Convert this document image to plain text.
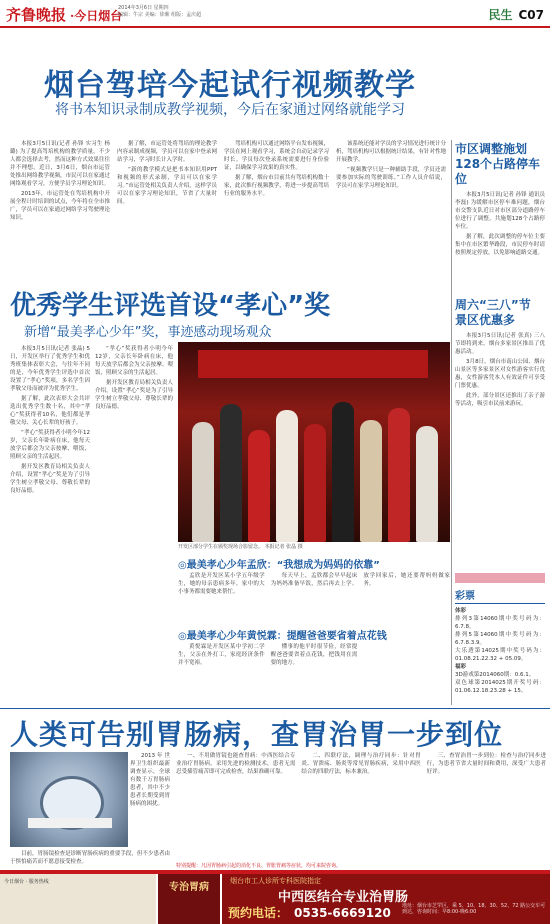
齐鲁晚报 ·今日烟台
2014年3月6日 星期四
编辑：牛宗 美编：徐紫 组版：孟庆超	民生 C07
烟台驾培今起试行视频教学
将书本知识录制成教学视频，今后在家通过网络就能学习

本报3月5日讯(记者 孙锋 实习生 杨璐) 为了提高驾培机构的教学质量，不少人都会选择去考，然而这种方式效果往往并不理想。近日，3月6日，烟台市运管处推出网络教学视频，市民可以在家通过网络观看学习，方便学员学习理论知识。

2013年，市运管处在驾培机构中开展全程计时培训的试点，今年将在全市推广，学员可以在家通过网络学习驾驶理论知识。

据了解，市运管处将驾培的理论教学内容录制成视频，学员可以在家中登录网站学习，学习时长计入学时。

“新的教学模式是把书本知识用PPT和视频的形式录制，学员可以在家学习。”市运管处相关负责人介绍，这样学员可以在家学习理论知识，节省了大量时间。

驾培机构可以通过网络平台发布视频，学员在网上观看学习，系统会自动记录学习时长。学员每次登录系统需要进行身份验证，以确保学习效果的真实性。

据了解，烟台市目前共有驾培机构数十家，此次推行视频教学，将进一步提高驾培行业的服务水平。

该系统还能对学员的学习情况进行统计分析，驾培机构可以根据统计结果，有针对性地开展教学。

“视频教学只是一种辅助手段，学员还需要参加实际的驾驶训练。”工作人员介绍说，学员可在家学习理论知识。

市区调整施划
128个占路停车位

本报3月5日讯(记者 孙锋 通讯员 李磊) 为缓解市区停车难问题，烟台市交警支队近日对市区部分道路停车位进行了调整，共施划128个占路停车位。

据了解，此次调整的停车位主要集中在市区繁华路段，市民停车时请按照规定停放，以免影响道路交通。

周六“三八”节
景区优惠多

本报3月5日讯(记者 张真) 三八节即将到来，烟台多家景区推出了优惠活动。

3月8日，烟台市南山公园、烟台山景区等多家景区对女性游客实行优惠，女性游客凭本人有效证件可享受门票优惠。

此外，部分景区还推出了亲子游等活动，吸引市民前来游玩。

彩票
体彩
排列3第14060期中奖号码为：6.7.8。
排列5第14060期中奖号码为：6.7.8.3.9。
大乐透第14025期中奖号码为：01.08.21.22.32 + 05.09。
福彩
3D游戏第2014060期：0.6.1。
双色球第2014025期开奖号码：01.06.12.18.23.28 + 15。
优秀学生评选首设“孝心”奖
新增“最美孝心少年”奖，事迹感动现场观众

本报3月5日讯(记者 张晶) 5日，开发区举行了优秀学生和优秀班集体表彰大会，与往年不同的是，今年优秀学生评选中首次设置了“孝心”奖项，多名学生因孝敬父母而被评为优秀学生。

据了解，此次表彰大会共评选出优秀学生数十名，其中“孝心”奖获得者10名，他们都是孝敬父母、关心长辈的好孩子。

“孝心”奖获得者小明今年12岁，父亲长年卧病在床，他每天放学后都会为父亲按摩、喂饭，照顾父亲的生活起居。

据开发区教育局相关负责人介绍，设置“孝心”奖是为了引导学生树立孝敬父母、尊敬长辈的良好品德。

“孝心”奖获得者小明今年12岁，父亲长年卧病在床，他每天放学后都会为父亲按摩、喂饭，照顾父亲的生活起居。

据开发区教育局相关负责人介绍，设置“孝心”奖是为了引导学生树立孝敬父母、尊敬长辈的良好品德。

开发区部分学生在颁奖现场合影留念。 本报记者 张晶 摄
◎最美孝心少年孟欣：“我想成为妈妈的依靠”

孟欣是开发区某小学五年级学生，她的母亲患病多年，家中的大小事务都需要她来帮忙。

每天早上，孟欣都会早早起床为妈妈准备早饭，然后再去上学。放学回家后，她还要帮妈妈做家务。

◎最美孝心少年黄悦霖：提醒爸爸要省着点花钱

黄悦霖是开发区某中学初二学生，父亲在外打工，家庭经济条件并不宽裕。

懂事的他平时很节俭，经常提醒爸爸要省着点花钱，把钱用在需要的地方。

人类可告别胃肠病，查胃治胃一步到位

2013年世界卫生组织最新调查显示，全球有数千万胃肠病患者，其中不少患者长期受到胃肠病的困扰。

目前，胃肠镜检查是诊断胃肠疾病的重要手段，但不少患者由于惧怕痛苦而不愿意接受检查。

一、不用做胃镜也能查胃病：中西医结合专业治疗胃肠病，采用先进的检测技术，患者无需忍受插管痛苦即可完成检查，结果准确可靠。

二、四联疗法，调理与治疗同步：针对胃炎、胃溃疡、肠炎等常见胃肠疾病，采用中西医结合的四联疗法，标本兼治。

三、查胃治胃一步到位：检查与治疗同步进行，为患者节省大量时间和费用，深受广大患者好评。

特别提醒：凡因胃肠病引起的消化不良、胃胀胃痛等症状，均可来院咨询。
今日烟台 · 服务热线	专治胃病
烟台市工人诊所专科医院指定
中西医结合专业治胃肠
预约电话： 0535-6669120 地址：烟台市芝罘区，乘 5、10、18、30、52、72 路公交车可到达，咨询时间：早8:00-晚6:00
